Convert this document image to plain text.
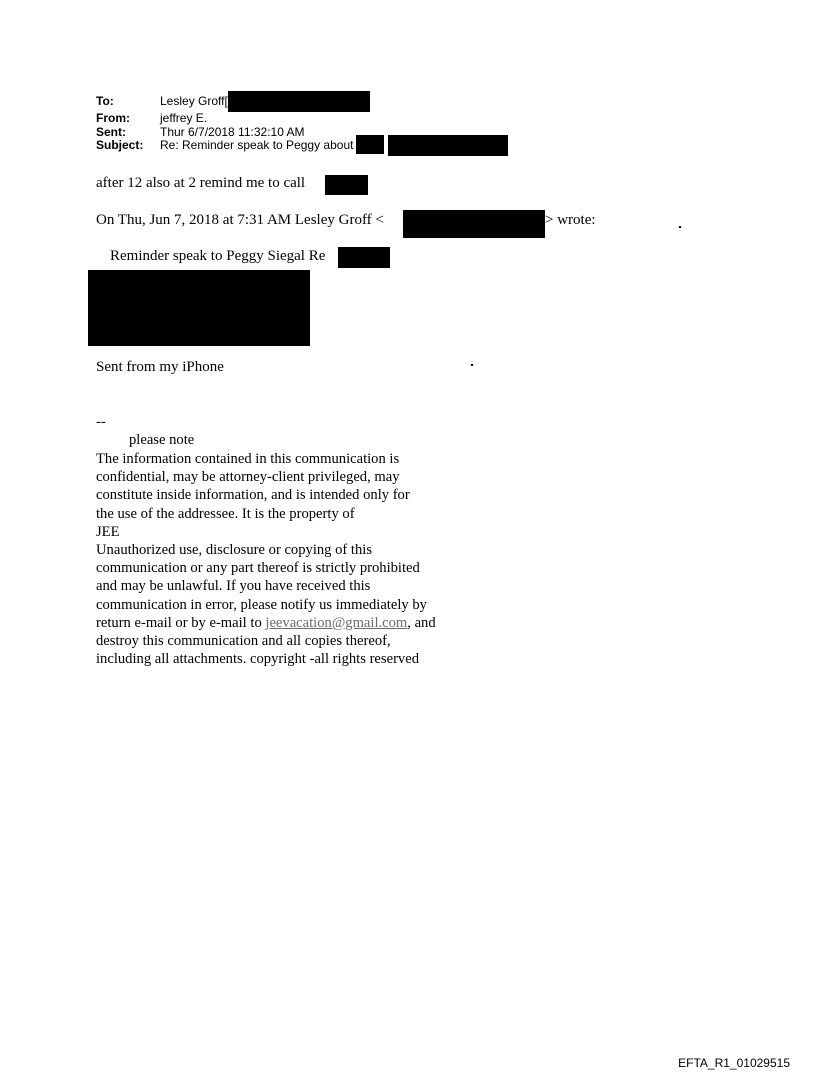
To:	Lesley Groff[
From:	jeffrey E.
Sent:	Thur 6/7/2018 11:32:10 AM
Subject:	Re: Reminder speak to Peggy about
after 12 also at 2 remind me to call
On Thu, Jun 7, 2018 at 7:31 AM Lesley Groff <	> wrote:
Reminder speak to Peggy Siegal Re
Sent from my iPhone
--
please note
The information contained in this communication is
confidential, may be attorney-client privileged, may
constitute inside information, and is intended only for
the use of the addressee. It is the property of
JEE
Unauthorized use, disclosure or copying of this
communication or any part thereof is strictly prohibited
and may be unlawful. If you have received this
communication in error, please notify us immediately by
return e-mail or by e-mail to jeevacation@gmail.com, and
destroy this communication and all copies thereof,
including all attachments. copyright -all rights reserved
EFTA_R1_01029515
